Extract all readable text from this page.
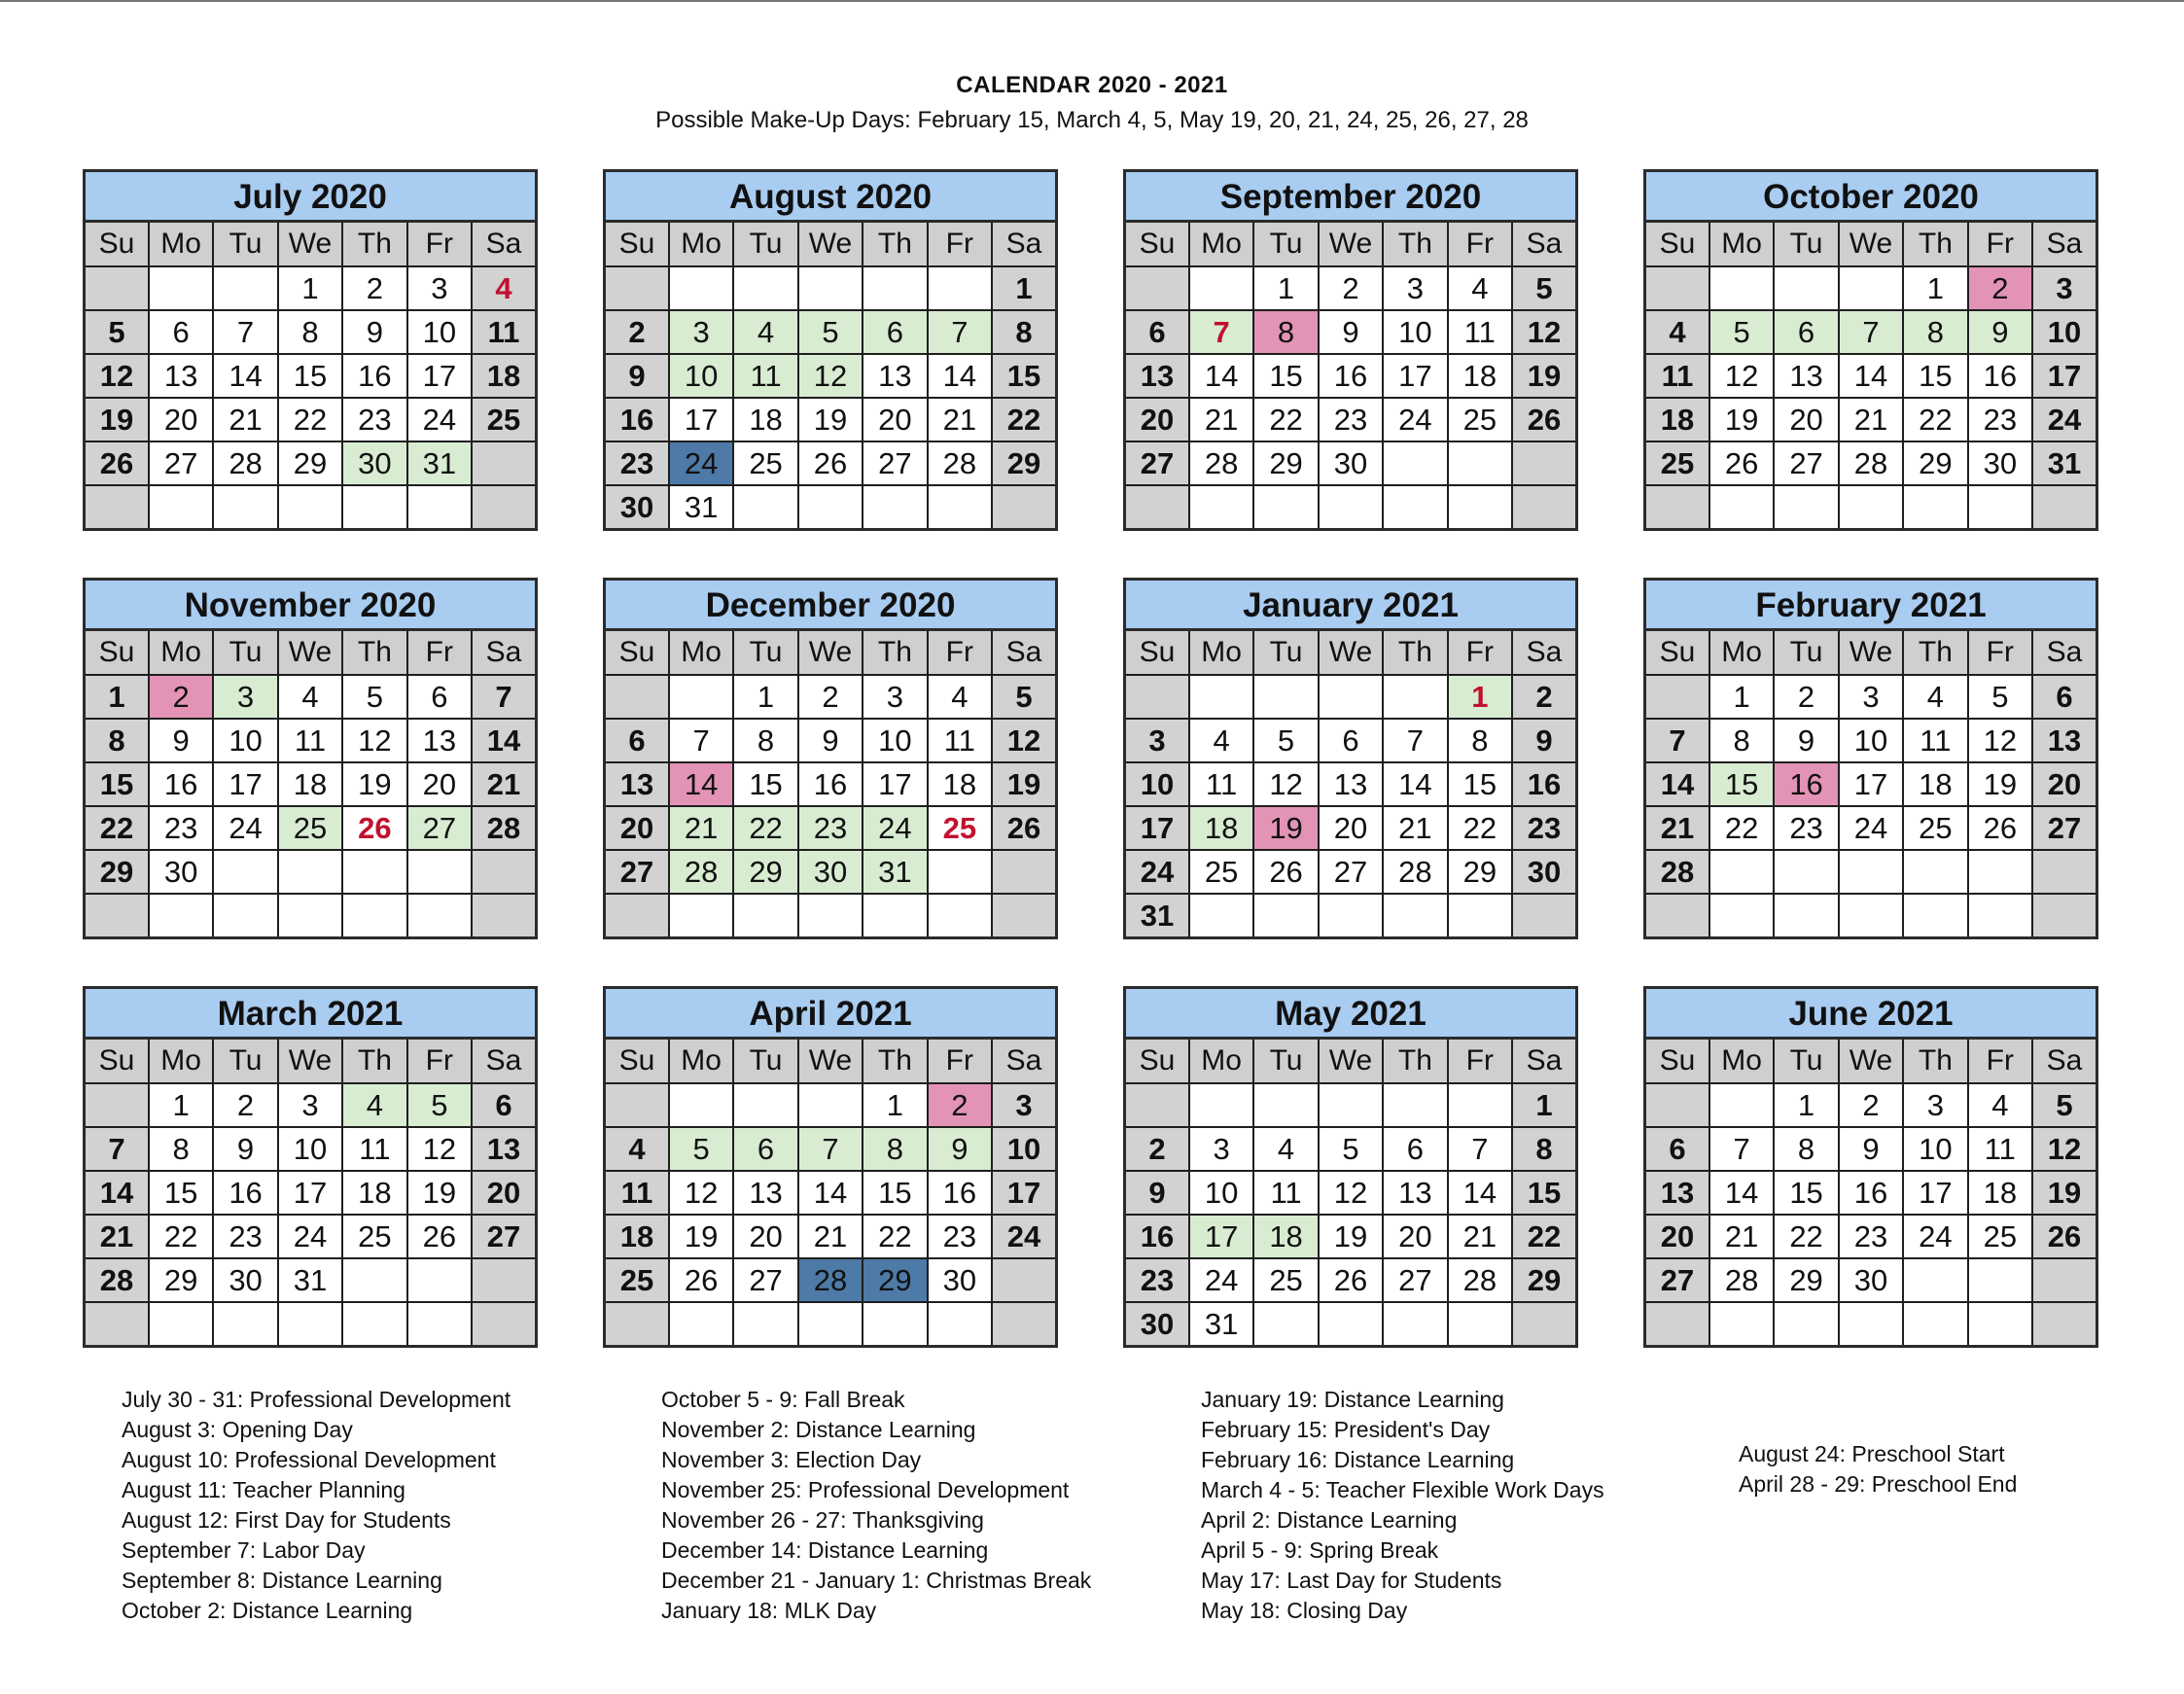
CALENDAR 2020 - 2021
Possible Make-Up Days: February 15, March 4, 5, May 19, 20, 21, 24, 25, 26, 27, 28
July 2020
Su	Mo	Tu	We	Th	Fr	Sa
			1	2	3	4
5	6	7	8	9	10	11
12	13	14	15	16	17	18
19	20	21	22	23	24	25
26	27	28	29	30	31	

August 2020
Su	Mo	Tu	We	Th	Fr	Sa
						1
2	3	4	5	6	7	8
9	10	11	12	13	14	15
16	17	18	19	20	21	22
23	24	25	26	27	28	29
30	31					
September 2020
Su	Mo	Tu	We	Th	Fr	Sa
		1	2	3	4	5
6	7	8	9	10	11	12
13	14	15	16	17	18	19
20	21	22	23	24	25	26
27	28	29	30			

October 2020
Su	Mo	Tu	We	Th	Fr	Sa
				1	2	3
4	5	6	7	8	9	10
11	12	13	14	15	16	17
18	19	20	21	22	23	24
25	26	27	28	29	30	31

November 2020
Su	Mo	Tu	We	Th	Fr	Sa
1	2	3	4	5	6	7
8	9	10	11	12	13	14
15	16	17	18	19	20	21
22	23	24	25	26	27	28
29	30					

December 2020
Su	Mo	Tu	We	Th	Fr	Sa
		1	2	3	4	5
6	7	8	9	10	11	12
13	14	15	16	17	18	19
20	21	22	23	24	25	26
27	28	29	30	31		

January 2021
Su	Mo	Tu	We	Th	Fr	Sa
					1	2
3	4	5	6	7	8	9
10	11	12	13	14	15	16
17	18	19	20	21	22	23
24	25	26	27	28	29	30
31						
February 2021
Su	Mo	Tu	We	Th	Fr	Sa
	1	2	3	4	5	6
7	8	9	10	11	12	13
14	15	16	17	18	19	20
21	22	23	24	25	26	27
28						

March 2021
Su	Mo	Tu	We	Th	Fr	Sa
	1	2	3	4	5	6
7	8	9	10	11	12	13
14	15	16	17	18	19	20
21	22	23	24	25	26	27
28	29	30	31			

April 2021
Su	Mo	Tu	We	Th	Fr	Sa
				1	2	3
4	5	6	7	8	9	10
11	12	13	14	15	16	17
18	19	20	21	22	23	24
25	26	27	28	29	30	

May 2021
Su	Mo	Tu	We	Th	Fr	Sa
						1
2	3	4	5	6	7	8
9	10	11	12	13	14	15
16	17	18	19	20	21	22
23	24	25	26	27	28	29
30	31					
June 2021
Su	Mo	Tu	We	Th	Fr	Sa
		1	2	3	4	5
6	7	8	9	10	11	12
13	14	15	16	17	18	19
20	21	22	23	24	25	26
27	28	29	30			

July 30 - 31: Professional Development
August 3: Opening Day
August 10: Professional Development
August 11: Teacher Planning
August 12: First Day for Students
September 7: Labor Day
September 8: Distance Learning
October 2: Distance Learning
October 5 - 9: Fall Break
November 2: Distance Learning
November 3: Election Day
November 25: Professional Development
November 26 - 27: Thanksgiving
December 14: Distance Learning
December 21 - January 1: Christmas Break
January 18: MLK Day
January 19: Distance Learning
February 15: President's Day
February 16: Distance Learning
March 4 - 5: Teacher Flexible Work Days
April 2: Distance Learning
April 5 - 9: Spring Break
May 17: Last Day for Students
May 18: Closing Day
August 24: Preschool Start
April 28 - 29: Preschool End
